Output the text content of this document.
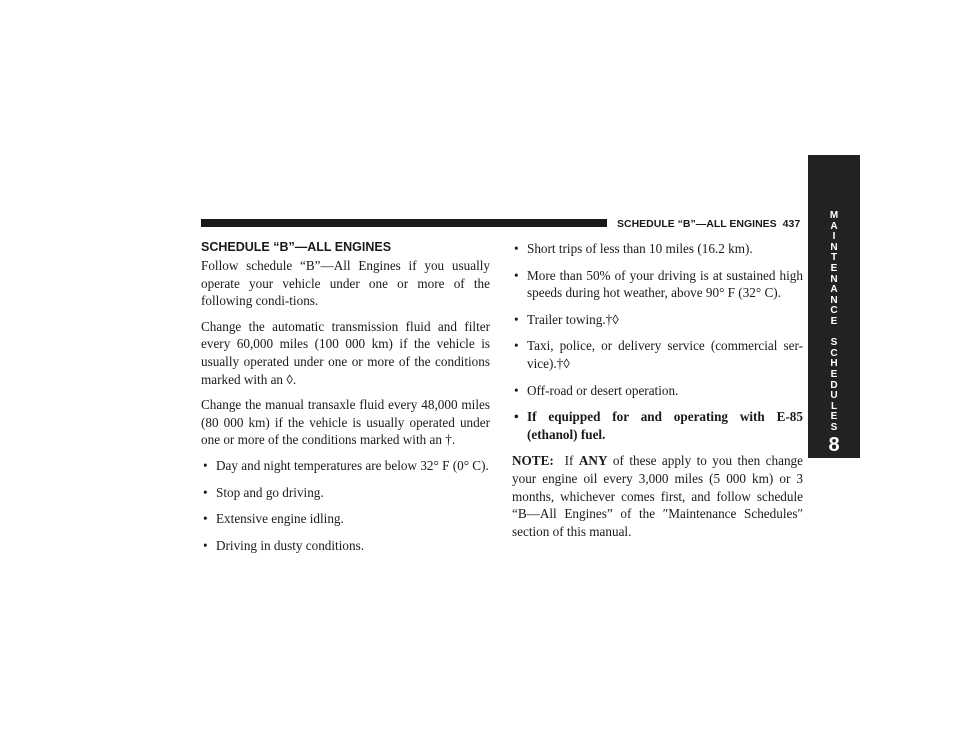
SCHEDULE “B”—ALL ENGINES 437
M
A
I
N
T
E
N
A
N
C
E
S
C
H
E
D
U
L
E
S
8
SCHEDULE “B”—ALL ENGINES

Follow schedule “B”—All Engines if you usually operate your vehicle under one or more of the following condi-tions.

Change the automatic transmission fluid and filter every 60,000 miles (100 000 km) if the vehicle is usually operated under one or more of the conditions marked with an ◊.

Change the manual transaxle fluid every 48,000 miles (80 000 km) if the vehicle is usually operated under one or more of the conditions marked with an †.

• Day and night temperatures are below 32° F (0° C).
• Stop and go driving.
• Extensive engine idling.
• Driving in dusty conditions.
• Short trips of less than 10 miles (16.2 km).
• More than 50% of your driving is at sustained high speeds during hot weather, above 90° F (32° C).
• Trailer towing.†◊
• Taxi, police, or delivery service (commercial ser-vice).†◊
• Off-road or desert operation.
• If equipped for and operating with E-85 (ethanol) fuel.

NOTE: If ANY of these apply to you then change your engine oil every 3,000 miles (5 000 km) or 3 months, whichever comes first, and follow schedule “B—All Engines” of the ″Maintenance Schedules″ section of this manual.
